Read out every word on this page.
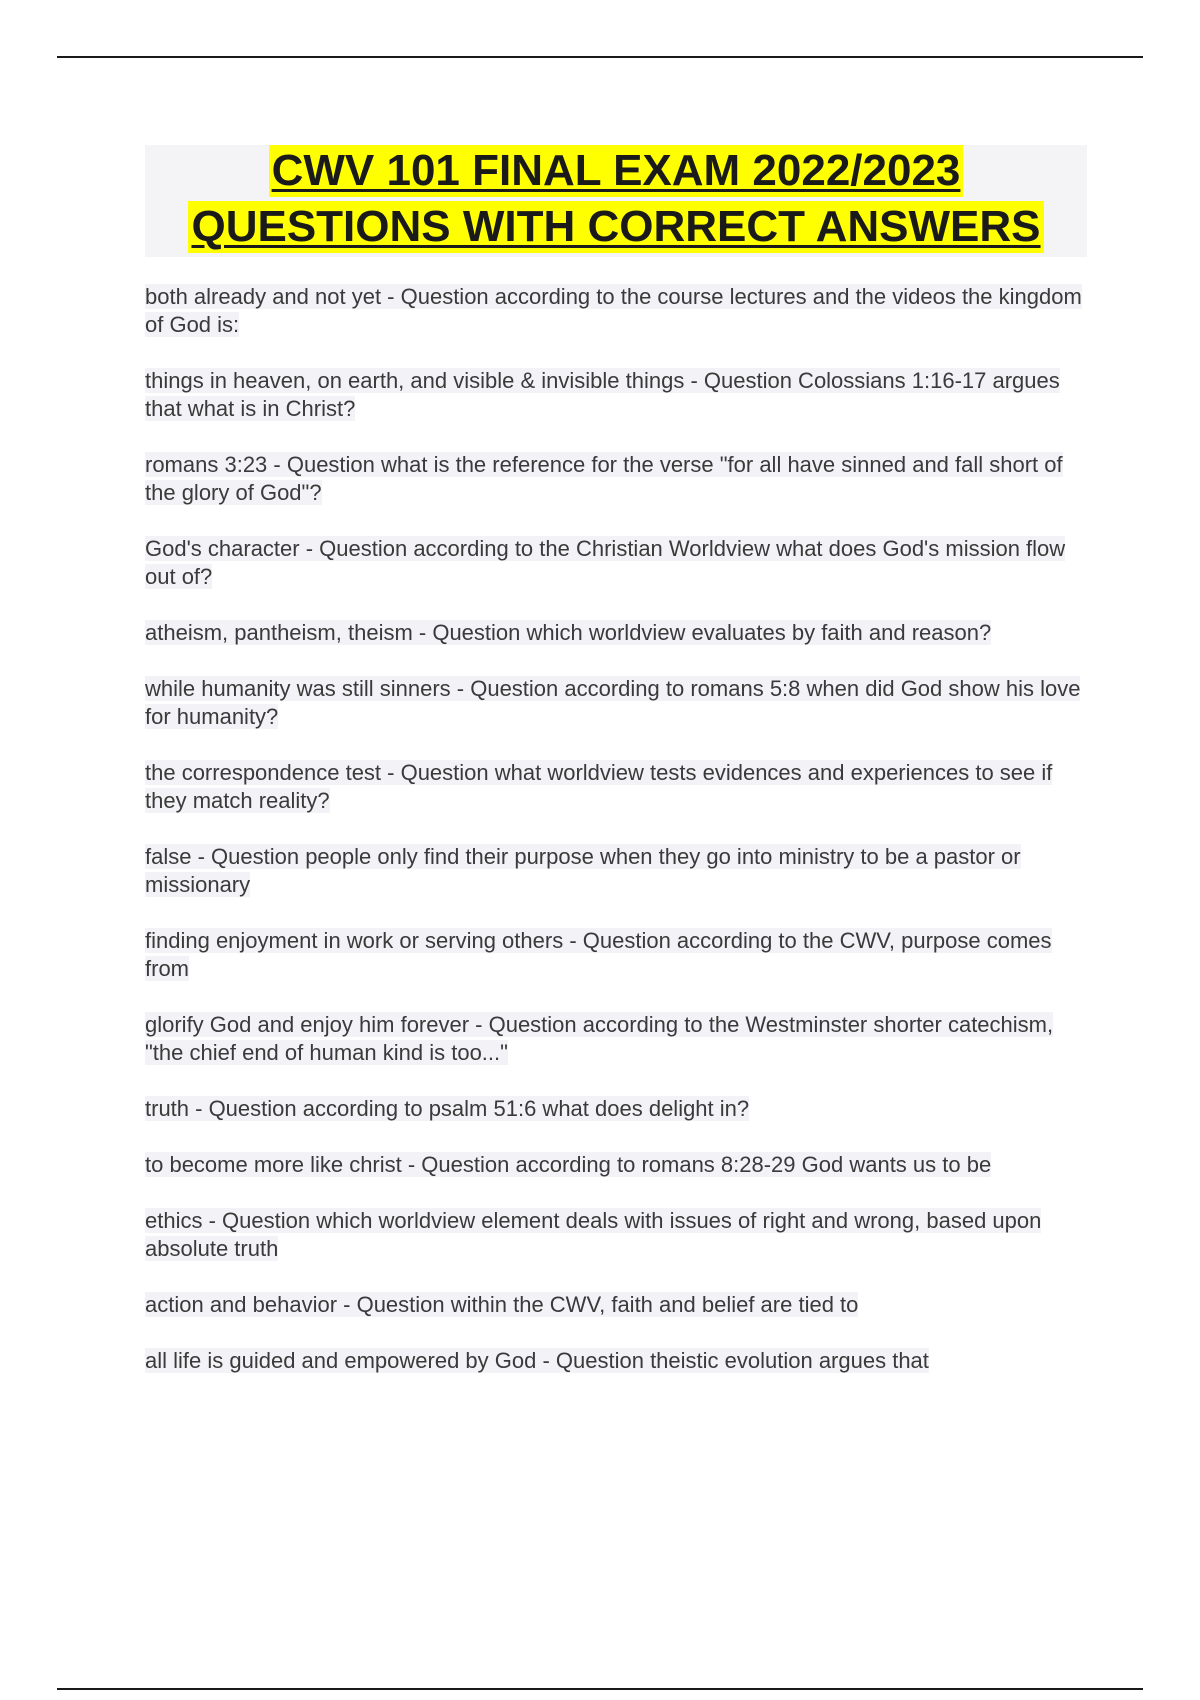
CWV 101 FINAL EXAM 2022/2023
QUESTIONS WITH CORRECT ANSWERS
both already and not yet - Question according to the course lectures and the videos the kingdom of God is:
things in heaven, on earth, and visible & invisible things - Question Colossians 1:16-17 argues that what is in Christ?
romans 3:23 - Question what is the reference for the verse "for all have sinned and fall short of the glory of God"?
God's character - Question according to the Christian Worldview what does God's mission flow out of?
atheism, pantheism, theism - Question which worldview evaluates by faith and reason?
while humanity was still sinners - Question according to romans 5:8 when did God show his love for humanity?
the correspondence test - Question what worldview tests evidences and experiences to see if they match reality?
false - Question people only find their purpose when they go into ministry to be a pastor or missionary
finding enjoyment in work or serving others - Question according to the CWV, purpose comes from
glorify God and enjoy him forever - Question according to the Westminster shorter catechism, "the chief end of human kind is too..."
truth - Question according to psalm 51:6 what does delight in?
to become more like christ - Question according to romans 8:28-29 God wants us to be
ethics - Question which worldview element deals with issues of right and wrong, based upon absolute truth
action and behavior - Question within the CWV, faith and belief are tied to
all life is guided and empowered by God - Question theistic evolution argues that
